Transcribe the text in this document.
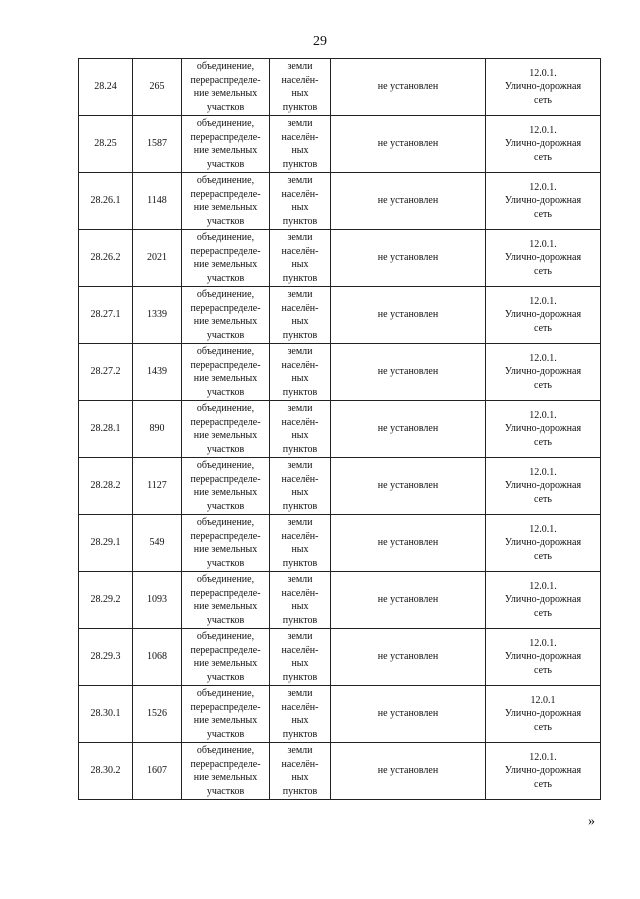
29
28.24	265	объединение,
перераспределе-
ние земельных
участков	земли
населён-
ных
пунктов	не установлен	12.0.1.
Улично-дорожная
сеть

28.25	1587	объединение,
перераспределе-
ние земельных
участков	земли
населён-
ных
пунктов	не установлен	12.0.1.
Улично-дорожная
сеть

28.26.1	1148	объединение,
перераспределе-
ние земельных
участков	земли
населён-
ных
пунктов	не установлен	12.0.1.
Улично-дорожная
сеть

28.26.2	2021	объединение,
перераспределе-
ние земельных
участков	земли
населён-
ных
пунктов	не установлен	12.0.1.
Улично-дорожная
сеть

28.27.1	1339	объединение,
перераспределе-
ние земельных
участков	земли
населён-
ных
пунктов	не установлен	12.0.1.
Улично-дорожная
сеть

28.27.2	1439	объединение,
перераспределе-
ние земельных
участков	земли
населён-
ных
пунктов	не установлен	12.0.1.
Улично-дорожная
сеть

28.28.1	890	объединение,
перераспределе-
ние земельных
участков	земли
населён-
ных
пунктов	не установлен	12.0.1.
Улично-дорожная
сеть

28.28.2	1127	объединение,
перераспределе-
ние земельных
участков	земли
населён-
ных
пунктов	не установлен	12.0.1.
Улично-дорожная
сеть

28.29.1	549	объединение,
перераспределе-
ние земельных
участков	земли
населён-
ных
пунктов	не установлен	12.0.1.
Улично-дорожная
сеть

28.29.2	1093	объединение,
перераспределе-
ние земельных
участков	земли
населён-
ных
пунктов	не установлен	12.0.1.
Улично-дорожная
сеть

28.29.3	1068	объединение,
перераспределе-
ние земельных
участков	земли
населён-
ных
пунктов	не установлен	12.0.1.
Улично-дорожная
сеть

28.30.1	1526	объединение,
перераспределе-
ние земельных
участков	земли
населён-
ных
пунктов	не установлен	12.0.1
Улично-дорожная
сеть

28.30.2	1607	объединение,
перераспределе-
ние земельных
участков	земли
населён-
ных
пунктов	не установлен	12.0.1.
Улично-дорожная
сеть
»
